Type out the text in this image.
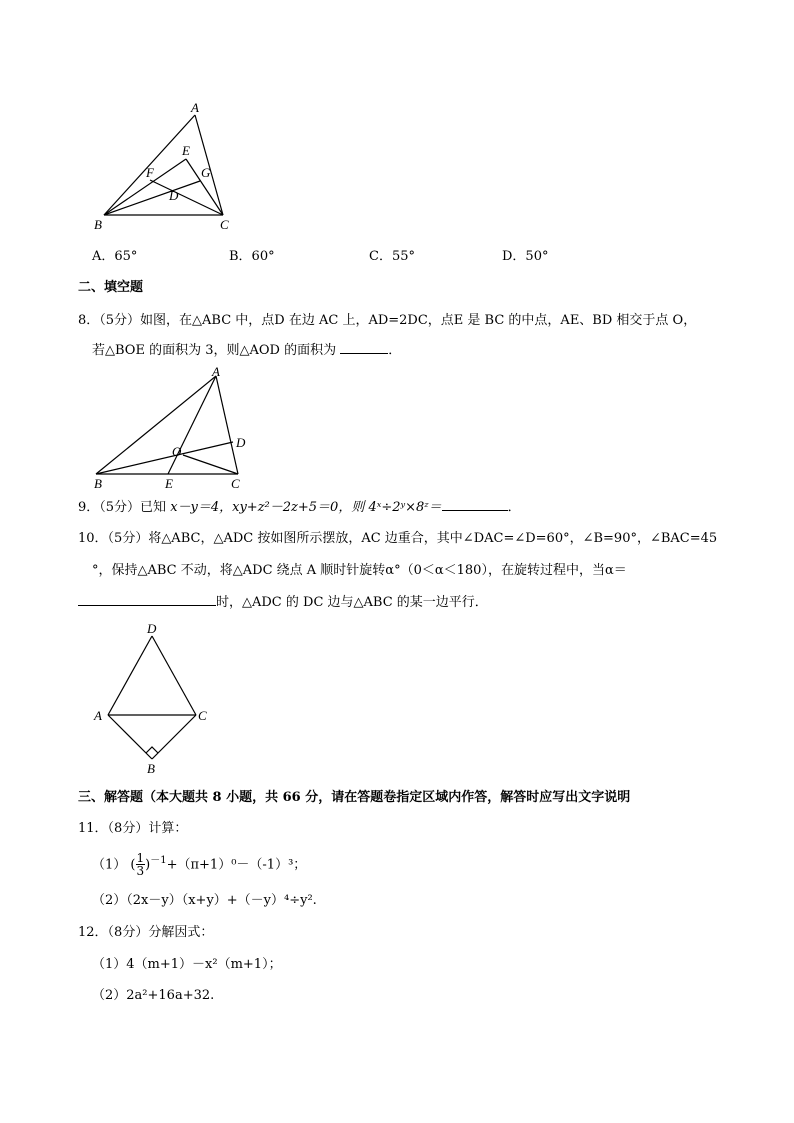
A
E
F	G
D
B	C
A．65°	B．60°	C．55°	D．50°
二、填空题
8．（5分）如图，在△ABC 中，点D 在边 AC 上，AD=2DC，点E 是 BC 的中点，AE、BD 相交于点 O，
若△BOE 的面积为 3，则△AOD 的面积为	．
A
D
O
B	E	C
9．（5分）已知 x－y＝4，xy+z²－2z+5＝0，则 4ˣ÷2ʸ×8ᶻ＝	．
10．（5分）将△ABC，△ADC 按如图所示摆放，AC 边重合，其中∠DAC=∠D=60°，∠B=90°，∠BAC=45
°，保持△ABC 不动，将△ADC 绕点 A 顺时针旋转α°（0＜α＜180），在旋转过程中，当α＝
时，△ADC 的 DC 边与△ABC 的某一边平行．
D
A	C
B
三、解答题（本大题共 8 小题，共 66 分，请在答题卷指定区域内作答，解答时应写出文字说明
11．（8分）计算：
（1） ( $\frac{1}{3} )^{-1}+(\pi+1)^0-(-1)^3$；
（2）（2x－y）（x+y）+（－y）⁴÷y².
12．（8分）分解因式：
（1）4（m+1）－x²（m+1）；
（2）2a²+16a+32.
